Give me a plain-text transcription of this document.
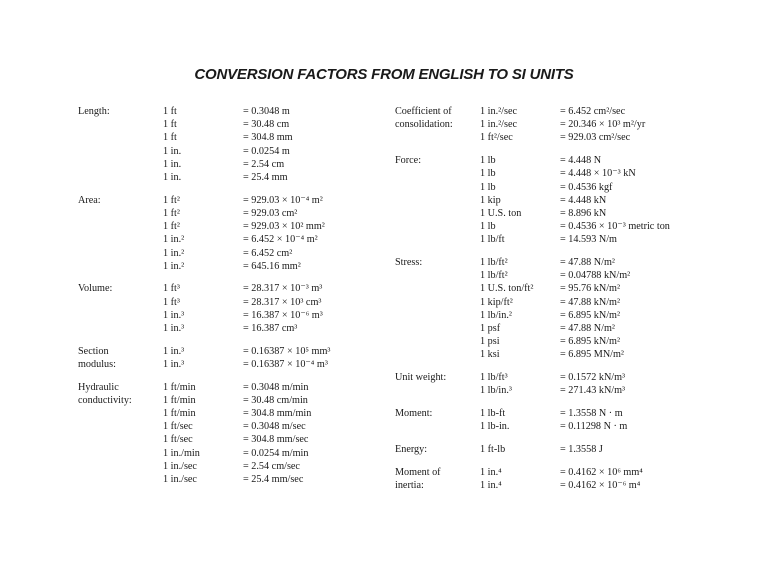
CONVERSION FACTORS FROM ENGLISH TO SI UNITS
Length:	1 ft	= 0.3048 m
1 ft	= 30.48 cm
1 ft	= 304.8 mm
1 in.	= 0.0254 m
1 in.	= 2.54 cm
1 in.	= 25.4 mm
Area:	1 ft²	= 929.03 × 10⁻⁴ m²
1 ft²	= 929.03 cm²
1 ft²	= 929.03 × 10² mm²
1 in.²	= 6.452 × 10⁻⁴ m²
1 in.²	= 6.452 cm²
1 in.²	= 645.16 mm²
Volume:	1 ft³	= 28.317 × 10⁻³ m³
1 ft³	= 28.317 × 10³ cm³
1 in.³	= 16.387 × 10⁻⁶ m³
1 in.³	= 16.387 cm³
Section
modulus:
1 in.³	= 0.16387 × 10⁵ mm³
1 in.³	= 0.16387 × 10⁻⁴ m³
Hydraulic
conductivity:
1 ft/min	= 0.3048 m/min
1 ft/min	= 30.48 cm/min
1 ft/min	= 304.8 mm/min
1 ft/sec	= 0.3048 m/sec
1 ft/sec	= 304.8 mm/sec
1 in./min	= 0.0254 m/min
1 in./sec	= 2.54 cm/sec
1 in./sec	= 25.4 mm/sec
Coefficient of
consolidation:
1 in.²/sec	= 6.452 cm²/sec
1 in.²/sec	= 20.346 × 10³ m²/yr
1 ft²/sec	= 929.03 cm²/sec
Force:	1 lb	= 4.448 N
1 lb	= 4.448 × 10⁻³ kN
1 lb	= 0.4536 kgf
1 kip	= 4.448 kN
1 U.S. ton	= 8.896 kN
1 lb	= 0.4536 × 10⁻³ metric ton
1 lb/ft	= 14.593 N/m
Stress:	1 lb/ft²	= 47.88 N/m²
1 lb/ft²	= 0.04788 kN/m²
1 U.S. ton/ft²	= 95.76 kN/m²
1 kip/ft²	= 47.88 kN/m²
1 lb/in.²	= 6.895 kN/m²
1 psf	= 47.88 N/m²
1 psi	= 6.895 kN/m²
1 ksi	= 6.895 MN/m²
Unit weight:	1 lb/ft³	= 0.1572 kN/m³
1 lb/in.³	= 271.43 kN/m³
Moment:	1 lb-ft	= 1.3558 N · m
1 lb-in.	= 0.11298 N · m
Energy:	1 ft-lb	= 1.3558 J
Moment of
inertia:
1 in.⁴	= 0.4162 × 10⁶ mm⁴
1 in.⁴	= 0.4162 × 10⁻⁶ m⁴
